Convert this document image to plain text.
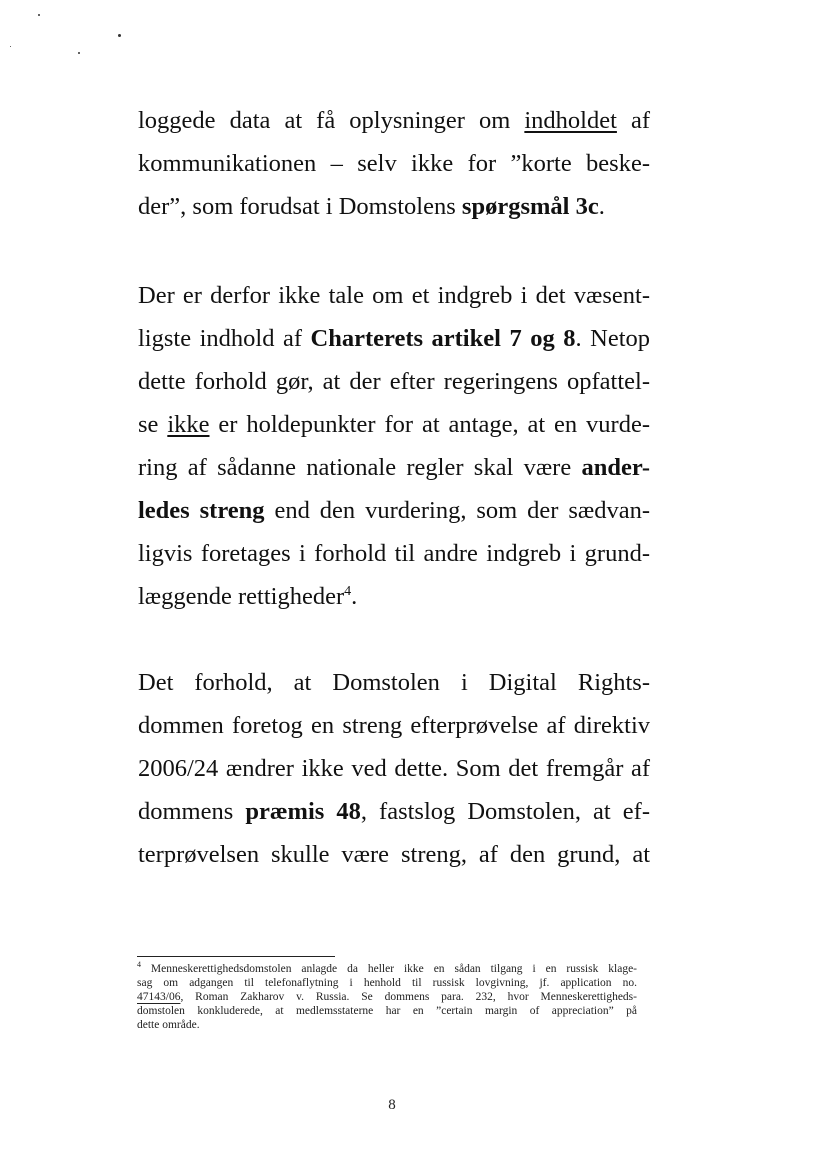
loggede data at få oplysninger om indholdet af
kommunikationen – selv ikke for ”korte beske-
der”, som forudsat i Domstolens spørgsmål 3c.

Der er derfor ikke tale om et indgreb i det væsent-
ligste indhold af Charterets artikel 7 og 8. Netop
dette forhold gør, at der efter regeringens opfattel-
se ikke er holdepunkter for at antage, at en vurde-
ring af sådanne nationale regler skal være ander-
ledes streng end den vurdering, som der sædvan-
ligvis foretages i forhold til andre indgreb i grund-
læggende rettigheder$^4$.

Det forhold, at Domstolen i Digital Rights-
dommen foretog en streng efterprøvelse af direktiv
2006/24 ændrer ikke ved dette. Som det fremgår af
dommens præmis 48, fastslog Domstolen, at ef-
terprøvelsen skulle være streng, af den grund, at

$^4$ Menneskerettighedsdomstolen anlagde da heller ikke en sådan tilgang i en russisk klage-
sag om adgangen til telefonaflytning i henhold til russisk lovgivning, jf. application no.
47143/06, Roman Zakharov v. Russia. Se dommens para. 232, hvor Menneskerettigheds-
domstolen konkluderede, at medlemsstaterne har en ”certain margin of appreciation” på
dette område.

8
